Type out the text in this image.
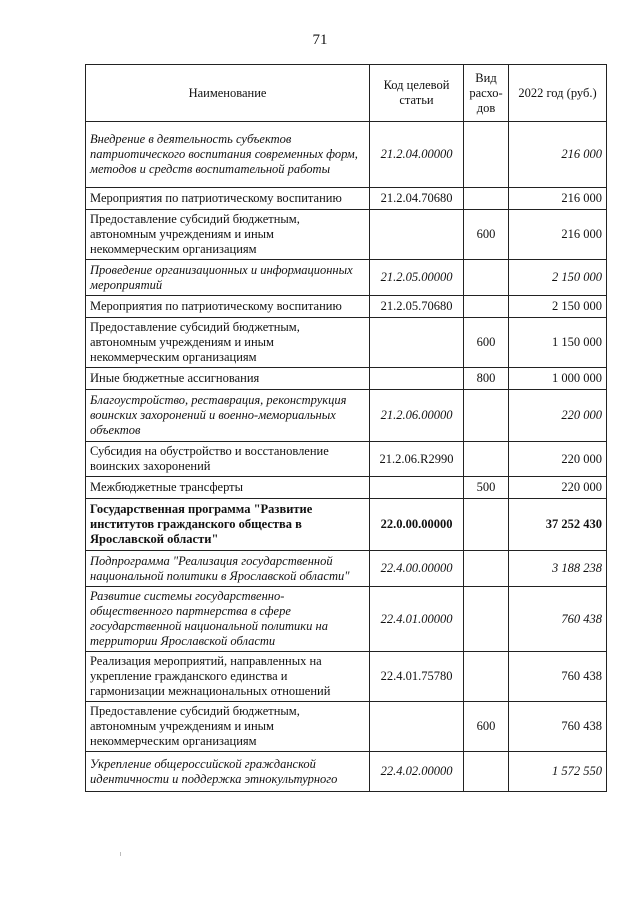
71
Наименование	Код целевой статьи	Вид расхо-дов	2022 год (руб.)
Внедрение в деятельность субъектов патриотического воспитания современных форм, методов и средств воспитательной работы	21.2.04.00000		216 000
Мероприятия по патриотическому воспитанию	21.2.04.70680		216 000
Предоставление субсидий бюджетным, автономным учреждениям и иным некоммерческим организациям		600	216 000
Проведение организационных и информационных мероприятий	21.2.05.00000		2 150 000
Мероприятия по патриотическому воспитанию	21.2.05.70680		2 150 000
Предоставление субсидий бюджетным, автономным учреждениям и иным некоммерческим организациям		600	1 150 000
Иные бюджетные ассигнования		800	1 000 000
Благоустройство, реставрация, реконструкция воинских захоронений и военно-мемориальных объектов	21.2.06.00000		220 000
Субсидия на обустройство и восстановление воинских захоронений	21.2.06.R2990		220 000
Межбюджетные трансферты		500	220 000
Государственная программа "Развитие институтов гражданского общества в Ярославской области"	22.0.00.00000		37 252 430
Подпрограмма "Реализация государственной национальной политики в Ярославской области"	22.4.00.00000		3 188 238
Развитие системы государственно-общественного партнерства в сфере государственной национальной политики на территории Ярославской области	22.4.01.00000		760 438
Реализация мероприятий, направленных на укрепление гражданского единства и гармонизации межнациональных отношений	22.4.01.75780		760 438
Предоставление субсидий бюджетным, автономным учреждениям и иным некоммерческим организациям		600	760 438
Укрепление общероссийской гражданской идентичности и поддержка этнокультурного	22.4.02.00000		1 572 550
